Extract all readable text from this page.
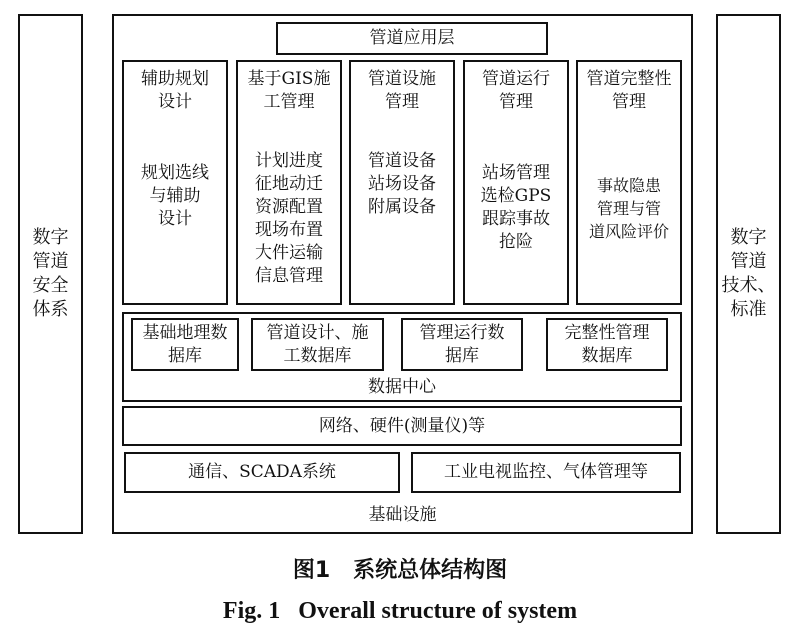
数字
管道
安全
体系
数字
管道
技术、
标准
管道应用层
辅助规划
设计
规划选线
与辅助
设计
基于GIS施
工管理
计划进度
征地动迁
资源配置
现场布置
大件运输
信息管理
管道设施
管理
管道设备
站场设备
附属设备
管道运行
管理
站场管理
选检GPS
跟踪事故
抢险
管道完整性
管理
事故隐患
管理与管
道风险评价
数据中心
基础地理数
据库
管道设计、施
工数据库
管理运行数
据库
完整性管理
数据库
网络、硬件(测量仪)等
通信、SCADA系统	工业电视监控、气体管理等
基础设施
图1   系统总体结构图
Fig. 1   Overall structure of system
